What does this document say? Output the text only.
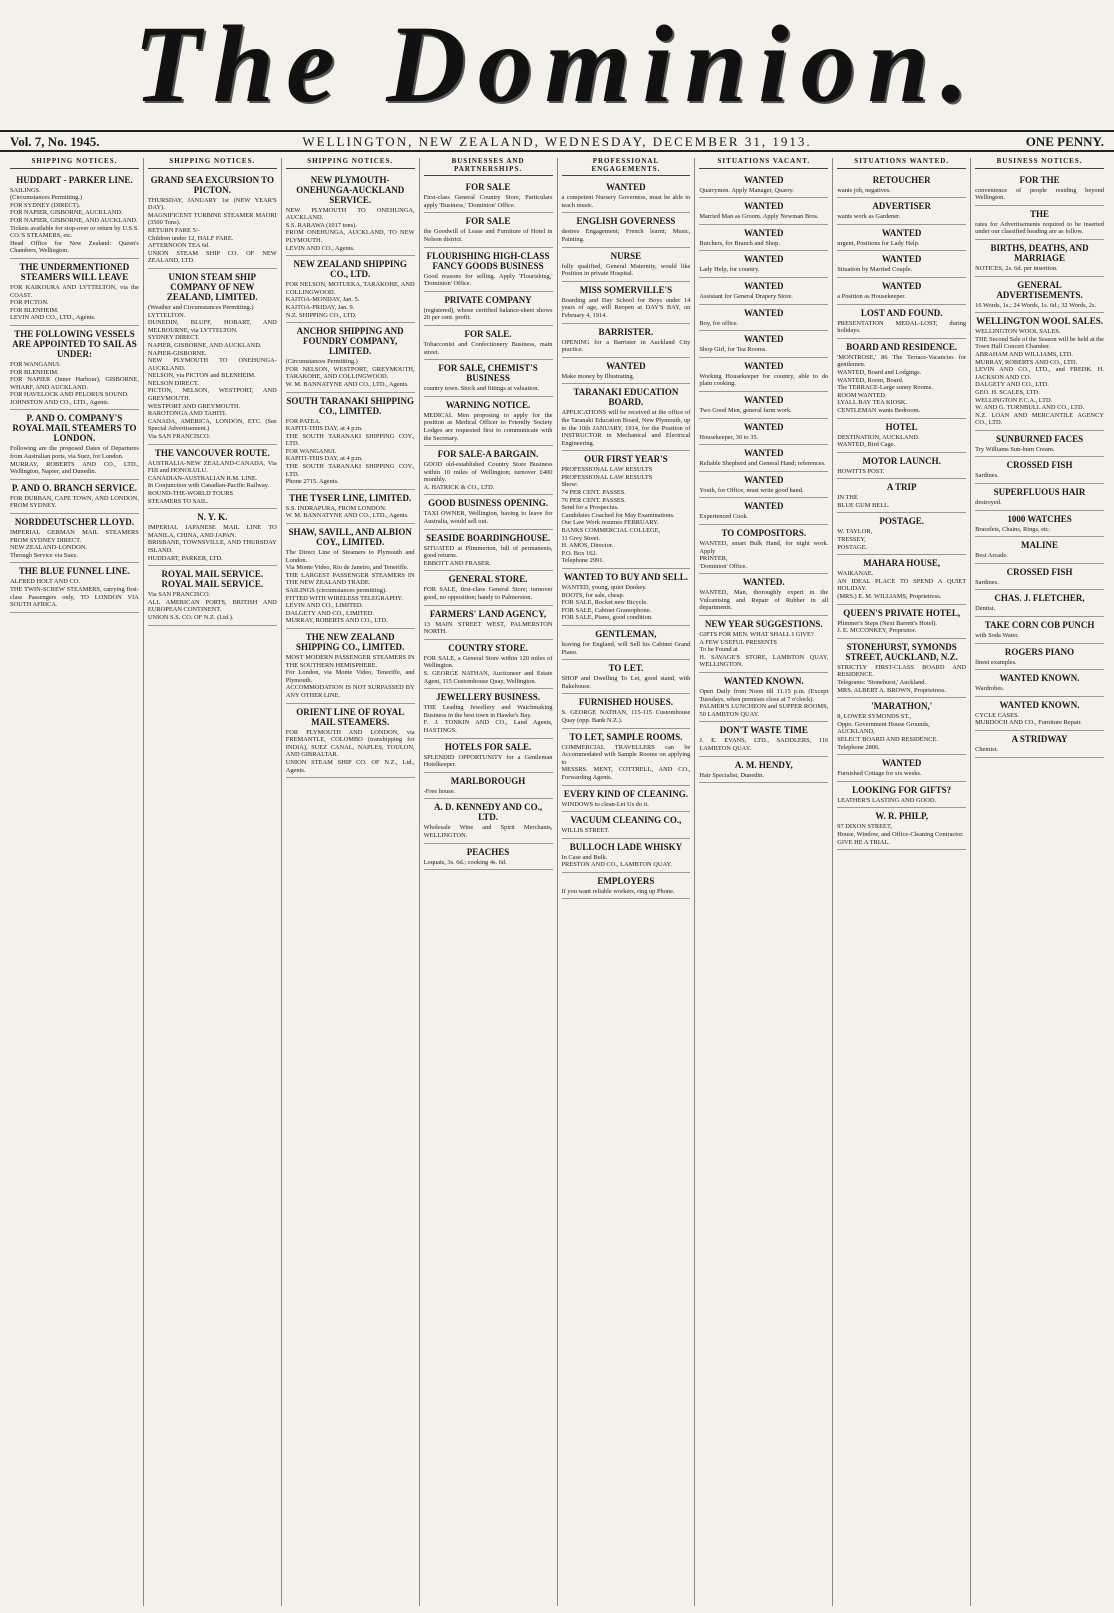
The Dominion.
Vol. 7, No. 1945.	WELLINGTON, NEW ZEALAND, WEDNESDAY, DECEMBER 31, 1913.	ONE PENNY.
SHIPPING NOTICES.
HUDDART - PARKER LINE.
SAILINGS.
(Circumstances Permitting.)
FOR SYDNEY (DIRECT).
FOR NAPIER, GISBORNE, AUCKLAND.
FOR NAPIER, GISBORNE, AND AUCKLAND.
Tickets available for stop-over or return by U.S.S. CO.'S STEAMERS, etc.
Head Office for New Zealand: Queen's Chambers, Wellington.
THE UNDERMENTIONED STEAMERS WILL LEAVE
FOR KAIKOURA AND LYTTELTON, via the COAST.
FOR PICTON.
FOR BLENHEIM.
LEVIN AND CO., LTD., Agents.
THE FOLLOWING VESSELS ARE APPOINTED TO SAIL AS UNDER:
FOR WANGANUI.
FOR BLENHEIM.
FOR NAPIER (Inner Harbour), GISBORNE, WHARF, AND AUCKLAND.
FOR HAVELOCK AND PELORUS SOUND.
JOHNSTON AND CO., LTD., Agents.
P. AND O. COMPANY'S ROYAL MAIL STEAMERS TO LONDON.
Following are the proposed Dates of Departures from Australian ports, via Suez, for London.
MURRAY, ROBERTS AND CO., LTD., Wellington, Napier, and Dunedin.
P. AND O. BRANCH SERVICE.
FOR DURBAN, CAPE TOWN, AND LONDON, FROM SYDNEY.
NORDDEUTSCHER LLOYD.
IMPERIAL GERMAN MAIL STEAMERS FROM SYDNEY DIRECT.
NEW ZEALAND-LONDON.
Through Service via Suez.
THE BLUE FUNNEL LINE.
ALFRED HOLT AND CO.
THE TWIN-SCREW STEAMERS, carrying first-class Passengers only, TO LONDON VIA SOUTH AFRICA.
SHIPPING NOTICES.
GRAND SEA EXCURSION TO PICTON.
THURSDAY, JANUARY 1st (NEW YEAR'S DAY).
MAGNIFICENT TURBINE STEAMER MAORI (3500 Tons).
RETURN FARE 5/-
Children under 12, HALF FARE.
AFTERNOON TEA 6d.
UNION STEAM SHIP CO. OF NEW ZEALAND, LTD.
UNION STEAM SHIP COMPANY OF NEW ZEALAND, LIMITED.
(Weather and Circumstances Permitting.)
LYTTELTON.
DUNEDIN, BLUFF, HOBART, AND MELBOURNE, via LYTTELTON.
SYDNEY DIRECT.
NAPIER, GISBORNE, AND AUCKLAND.
NAPIER-GISBORNE.
NEW PLYMOUTH TO ONEHUNGA-AUCKLAND.
NELSON, via PICTON and BLENHEIM.
NELSON DIRECT.
PICTON, NELSON, WESTPORT, AND GREYMOUTH.
WESTPORT AND GREYMOUTH.
RAROTONGA AND TAHITI.
CANADA, AMERICA, LONDON, ETC. (See Special Advertisement.)
Via SAN FRANCISCO.
THE VANCOUVER ROUTE.
AUSTRALIA-NEW ZEALAND-CANADA, Via FIJI and HONOLULU.
CANADIAN-AUSTRALIAN R.M. LINE.
In Conjunction with Canadian-Pacific Railway.
ROUND-THE-WORLD TOURS
STEAMERS TO SAIL.
N. Y. K.
IMPERIAL JAPANESE MAIL LINE TO MANILA, CHINA, AND JAPAN.
BRISBANE, TOWNSVILLE, AND THURSDAY ISLAND.
HUDDART, PARKER, LTD.
ROYAL MAIL SERVICE. ROYAL MAIL SERVICE.
Via SAN FRANCISCO.
ALL AMERICAN PORTS, BRITISH AND EUROPEAN CONTINENT.
UNION S.S. CO. OF N.Z. (Ltd.).
SHIPPING NOTICES.
NEW PLYMOUTH-ONEHUNGA-AUCKLAND SERVICE.
NEW PLYMOUTH TO ONEHUNGA, AUCKLAND.
S.S. RARAWA (1017 tons).
FROM ONEHUNGA, AUCKLAND, TO NEW PLYMOUTH.
LEVIN AND CO., Agents.
NEW ZEALAND SHIPPING CO., LTD.
FOR NELSON, MOTUEKA, TARAKOHE, AND COLLINGWOOD.
KAITOA-MONDAY, Jan. 5.
KAITOA-FRIDAY, Jan. 9.
N.Z. SHIPPING CO., LTD.
ANCHOR SHIPPING AND FOUNDRY COMPANY, LIMITED.
(Circumstances Permitting.)
FOR NELSON, WESTPORT, GREYMOUTH, TARAKOHE, AND COLLINGWOOD.
W. M. BANNATYNE AND CO., LTD., Agents.
SOUTH TARANAKI SHIPPING CO., LIMITED.
FOR PATEA.
KAPITI-THIS DAY, at 4 p.m.
THE SOUTH TARANAKI SHIPPING COY., LTD.
FOR WANGANUI.
KAPITI-THIS DAY, at 4 p.m.
THE SOUTH TARANAKI SHIPPING COY., LTD.
Phone 2715. Agents.
THE TYSER LINE, LIMITED.
S.S. INDRAPURA, FROM LONDON.
W. M. BANNATYNE AND CO., LTD., Agents.
SHAW, SAVILL, AND ALBION COY., LIMITED.
The Direct Line of Steamers to Plymouth and London.
Via Monte Video, Rio de Janeiro, and Teneriffe.
THE LARGEST PASSENGER STEAMERS IN THE NEW ZEALAND TRADE.
SAILINGS (circumstances permitting).
FITTED WITH WIRELESS TELEGRAPHY.
LEVIN AND CO., LIMITED.
DALGETY AND CO., LIMITED.
MURRAY, ROBERTS AND CO., LTD.
THE NEW ZEALAND SHIPPING CO., LIMITED.
MOST MODERN PASSENGER STEAMERS IN THE SOUTHERN HEMISPHERE.
For London, via Monte Video, Teneriffe, and Plymouth.
ACCOMMODATION IS NOT SURPASSED BY ANY OTHER LINE.
ORIENT LINE OF ROYAL MAIL STEAMERS.
FOR PLYMOUTH AND LONDON, via FREMANTLE, COLOMBO (transhipping for INDIA), SUEZ CANAL, NAPLES, TOULON, AND GIBRALTAR.
UNION STEAM SHIP CO. OF N.Z., Ltd., Agents.
BUSINESSES AND PARTNERSHIPS.
FOR SALE
First-class General Country Store, Particulars apply 'Business,' 'Dominion' Office.
FOR SALE
the Goodwill of Lease and Furniture of Hotel in Nelson district.
FLOURISHING HIGH-CLASS FANCY GOODS BUSINESS
Good reasons for selling. Apply 'Flourishing,' 'Dominion' Office.
PRIVATE COMPANY
(registered), whose certified balance-sheet shows 20 per cent. profit.
FOR SALE.
Tobacconist and Confectionery Business, main street.
FOR SALE, CHEMIST'S BUSINESS
country town. Stock and fittings at valuation.
WARNING NOTICE.
MEDICAL Men proposing to apply for the position as Medical Officer to Friendly Society Lodges are requested first to communicate with the Secretary.
FOR SALE-A BARGAIN.
GOOD old-established Country Store Business within 10 miles of Wellington; turnover £400 monthly.
A. HATRICK & CO., LTD.
GOOD BUSINESS OPENING.
TAXI OWNER, Wellington, having to leave for Australia, would sell out.
SEASIDE BOARDINGHOUSE.
SITUATED at Plimmerton, full of permanents, good returns.
EBBOTT AND FRASER.
GENERAL STORE.
FOR SALE, first-class General Store; turnover good, no opposition; handy to Palmerston.
FARMERS' LAND AGENCY,
13 MAIN STREET WEST, PALMERSTON NORTH.
COUNTRY STORE.
FOR SALE, a General Store within 120 miles of Wellington.
S. GEORGE NATHAN, Auctioneer and Estate Agent, 115 Customhouse Quay, Wellington.
JEWELLERY BUSINESS.
THE Leading Jewellery and Watchmaking Business in the best town in Hawke's Bay.
F. J. TONKIN AND CO., Land Agents, HASTINGS.
HOTELS FOR SALE.
SPLENDID OPPORTUNITY for a Gentleman Hotelkeeper.
MARLBOROUGH
-Free house.
A. D. KENNEDY AND CO., LTD.
Wholesale Wine and Spirit Merchants, WELLINGTON.
PEACHES
Loquats, 3s. 6d.; cooking 4s. 6d.
PROFESSIONAL ENGAGEMENTS.
WANTED
a competent Nursery Governess, must be able to teach music.
ENGLISH GOVERNESS
desires Engagement; French learnt; Music, Painting.
NURSE
fully qualified, General Maternity, would like Position in private Hospital.
MISS SOMERVILLE'S
Boarding and Day School for Boys under 14 years of age, will Reopen at DAY'S BAY, on February 4, 1914.
BARRISTER.
OPENING for a Barrister in Auckland City practice.
WANTED
Make money by Illustrating.
TARANAKI EDUCATION BOARD.
APPLICATIONS will be received at the office of the Taranaki Education Board, New Plymouth, up to the 10th JANUARY, 1914, for the Position of INSTRUCTOR in Mechanical and Electrical Engineering.
OUR FIRST YEAR'S
PROFESSIONAL LAW RESULTS
PROFESSIONAL LAW RESULTS
Show:
74 PER CENT. PASSES.
76 PER CENT. PASSES.
Send for a Prospectus.
Candidates Coached for May Examinations.
Our Law Work resumes FEBRUARY.
BANKS COMMERCIAL COLLEGE,
11 Grey Street.
H. AMOS, Director.
P.O. Box 162.
Telephone 2991.
WANTED TO BUY AND SELL.
WANTED, young, quiet Donkey.
BOOTS, for sale, cheap.
FOR SALE, Rocket new Bicycle.
FOR SALE, Cabinet Gramophone.
FOR SALE, Piano, good condition.
GENTLEMAN,
leaving for England, will Sell his Cabinet Grand Piano.
TO LET.
SHOP and Dwelling To Let, good stand, with Bakehouse.
FURNISHED HOUSES.
S. GEORGE NATHAN, 115-115 Customhouse Quay (opp. Bank N.Z.).
TO LET, SAMPLE ROOMS.
COMMERCIAL TRAVELLERS can be Accommodated with Sample Rooms on applying to
MESSRS. MENT, COTTRELL, AND CO., Forwarding Agents.
EVERY KIND OF CLEANING.
WINDOWS to clean-Let Us do it.
VACUUM CLEANING CO.,
WILLIS STREET.
BULLOCH LADE WHISKY
In Case and Bulk.
PRESTON AND CO., LAMBTON QUAY.
EMPLOYERS
If you want reliable workers, ring up Phone.
SITUATIONS VACANT.
WANTED
Quarrymen. Apply Manager, Quarry.
WANTED
Married Man as Groom. Apply Newman Bros.
WANTED
Butchers, for Branch and Shop.
WANTED
Lady Help, for country.
WANTED
Assistant for General Drapery Store.
WANTED
Boy, for office.
WANTED
Shop Girl, for Tea Rooms.
WANTED
Working Housekeeper for country, able to do plain cooking.
WANTED
Two Good Men, general farm work.
WANTED
Housekeeper, 30 to 35.
WANTED
Reliable Shepherd and General Hand; references.
WANTED
Youth, for Office, must write good hand.
WANTED
Experienced Cook.
TO COMPOSITORS.
WANTED, smart Bulk Hand, for night work. Apply
PRINTER,
'Dominion' Office.
WANTED.
WANTED, Man, thoroughly expert in the Vulcanising and Repair of Rubber in all departments.
NEW YEAR SUGGESTIONS.
GIFTS FOR MEN. WHAT SHALL I GIVE?
A FEW USEFUL PRESENTS
To be Found at
H. SAVAGE'S STORE, LAMBTON QUAY, WELLINGTON.
WANTED KNOWN.
Open Daily from Noon till 11.15 p.m. (Except Tuesdays, when premises close at 7 o'clock).
PALMER'S LUNCHEON and SUPPER ROOMS, 50 LAMBTON QUAY.
DON'T WASTE TIME
J. E. EVANS, LTD., SADDLERS, 116 LAMBTON QUAY.
A. M. HENDY,
Hair Specialist, Dunedin.
SITUATIONS WANTED.
RETOUCHER
wants job, negatives.
ADVERTISER
wants work as Gardener.
WANTED
urgent, Positions for Lady Help.
WANTED
Situation by Married Couple.
WANTED
a Position as Housekeeper.
LOST AND FOUND.
PRESENTATION MEDAL-LOST, during holidays.
BOARD AND RESIDENCE.
'MONTROSE,' 86 The Terrace-Vacancies for gentlemen.
WANTED, Board and Lodgings.
WANTED, Room, Board.
The TERRACE-Large sunny Rooms.
ROOM WANTED.
LYALL BAY TEA KIOSK.
CENTLEMAN wants Bedroom.
HOTEL
DESTINATION, AUCKLAND.
WANTED, Bird Cage.
MOTOR LAUNCH.
HOWITTS POST.
A TRIP
IN THE
BLUE GUM BELL.
POSTAGE.
W. TAYLOR,
TRESSEY,
POSTAGE.
MAHARA HOUSE,
WAIKANAE.
AN IDEAL PLACE TO SPEND A QUIET HOLIDAY.
(MRS.) E. M. WILLIAMS, Proprietress.
QUEEN'S PRIVATE HOTEL,
Plimmer's Steps (Next Barrett's Hotel).
J. E. MCCONKEY, Proprietor.
STONEHURST, SYMONDS STREET, AUCKLAND, N.Z.
STRICTLY FIRST-CLASS BOARD AND RESIDENCE.
Telegrams: 'Stonehurst,' Auckland.
MRS. ALBERT A. BROWN, Proprietress.
'MARATHON,'
8, LOWER SYMONDS ST.,
Oppo. Government House Grounds,
AUCKLAND,
SELECT BOARD AND RESIDENCE.
Telephone 2806.
WANTED
Furnished Cottage for six weeks.
LOOKING FOR GIFTS?
LEATHER'S LASTING AND GOOD.
W. R. PHILP,
97 DIXON STREET,
House, Window, and Office-Cleaning Contractor.
GIVE HE A TRIAL.
BUSINESS NOTICES.
FOR THE
convenience of people residing beyond Wellington.
THE
rates for Advertisements required to be inserted under our classified heading are as follow.
BIRTHS, DEATHS, AND MARRIAGE
NOTICES, 2s. 6d. per insertion.
GENERAL ADVERTISEMENTS.
16 Words, 1s.; 24 Words, 1s. 6d.; 32 Words, 2s.
WELLINGTON WOOL SALES.
WELLINGTON WOOL SALES.
THE Second Sale of the Season will be held at the Town Hall Concert Chamber.
ABRAHAM AND WILLIAMS, LTD.
MURRAY, ROBERTS AND CO., LTD.
LEVIN AND CO., LTD., and FREDK. H. JACKSON AND CO.
DALGETY AND CO., LTD.
GEO. H. SCALES, LTD.
WELLINGTON F.C.A., LTD.
W. AND G. TURNBULL AND CO., LTD.
N.Z. LOAN AND MERCANTILE AGENCY CO., LTD.
SUNBURNED FACES
Try Williams Sun-burn Cream.
CROSSED FISH
Sardines.
SUPERFLUOUS HAIR
destroyed.
1000 WATCHES
Bracelets, Chains, Rings, etc.
MALINE
Best Arcade.
CROSSED FISH
Sardines.
CHAS. J. FLETCHER,
Dentist.
TAKE CORN COB PUNCH
with Soda Water.
ROGERS PIANO
finest examples.
WANTED KNOWN.
Wardrobes.
WANTED KNOWN.
CYCLE CASES.
MURDOCH AND CO., Furniture Repair.
A STRIDWAY
Chemist.
